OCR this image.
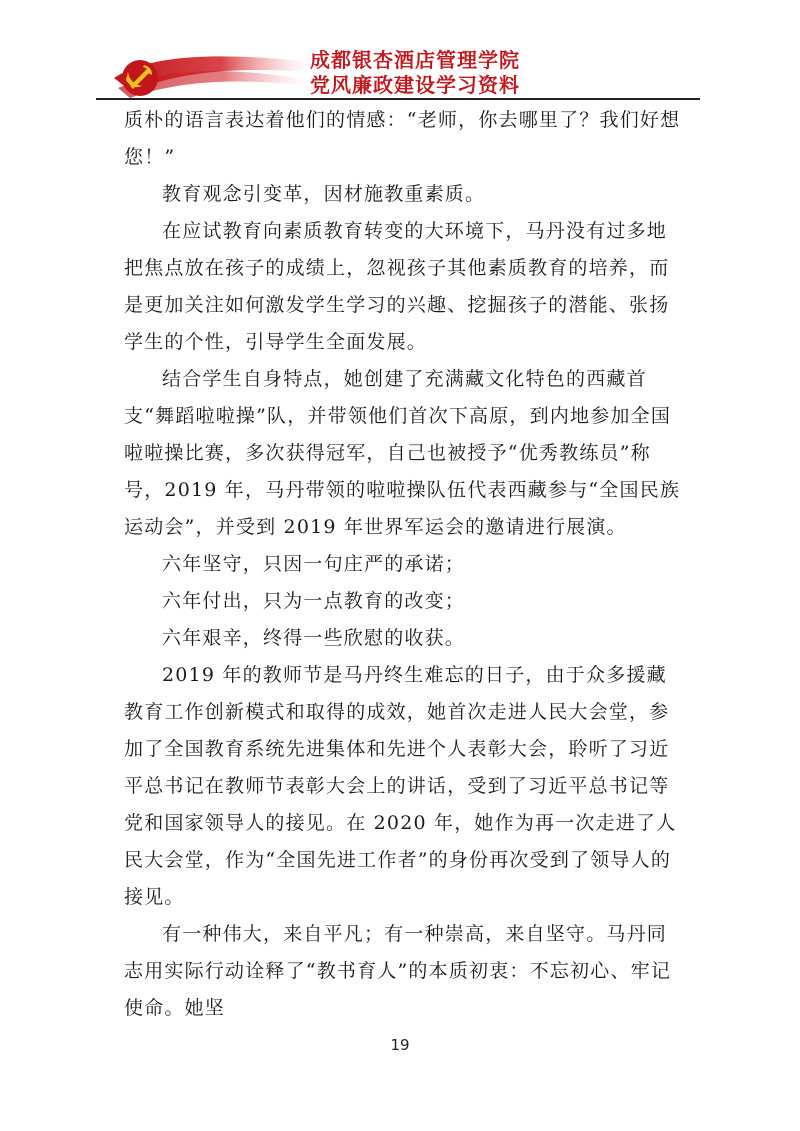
成都银杏酒店管理学院
党风廉政建设学习资料

质朴的语言表达着他们的情感：“老师，你去哪里了？我们好想您！”

教育观念引变革，因材施教重素质。

在应试教育向素质教育转变的大环境下，马丹没有过多地把焦点放在孩子的成绩上，忽视孩子其他素质教育的培养，而是更加关注如何激发学生学习的兴趣、挖掘孩子的潜能、张扬学生的个性，引导学生全面发展。

结合学生自身特点，她创建了充满藏文化特色的西藏首支“舞蹈啦啦操”队，并带领他们首次下高原，到内地参加全国啦啦操比赛，多次获得冠军，自己也被授予“优秀教练员”称号，2019 年，马丹带领的啦啦操队伍代表西藏参与“全国民族运动会”，并受到 2019 年世界军运会的邀请进行展演。

六年坚守，只因一句庄严的承诺；

六年付出，只为一点教育的改变；

六年艰辛，终得一些欣慰的收获。

2019 年的教师节是马丹终生难忘的日子，由于众多援藏教育工作创新模式和取得的成效，她首次走进人民大会堂，参加了全国教育系统先进集体和先进个人表彰大会，聆听了习近平总书记在教师节表彰大会上的讲话，受到了习近平总书记等党和国家领导人的接见。在 2020 年，她作为再一次走进了人民大会堂，作为“全国先进工作者”的身份再次受到了领导人的接见。

有一种伟大，来自平凡；有一种崇高，来自坚守。马丹同志用实际行动诠释了“教书育人”的本质初衷：不忘初心、牢记使命。她坚

19
